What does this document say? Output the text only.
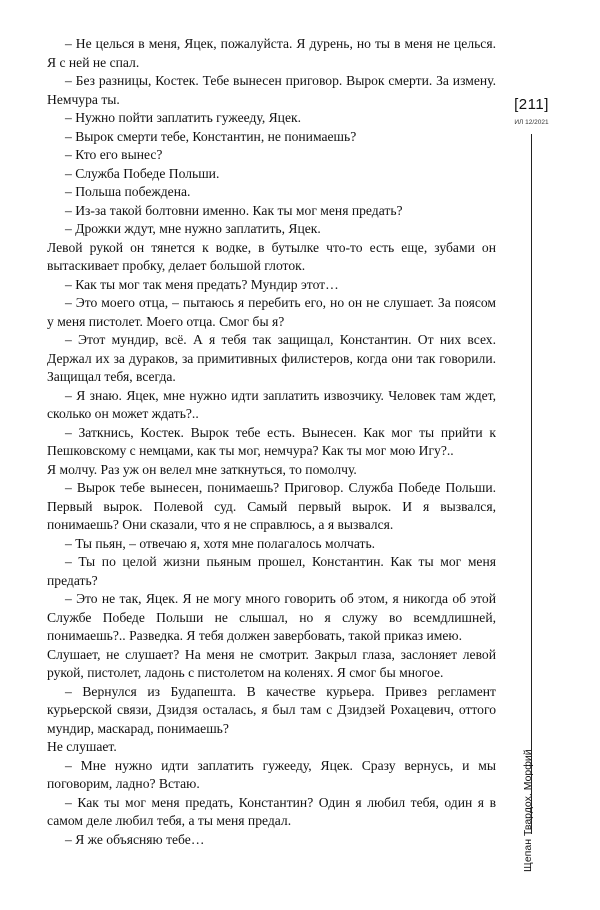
– Не целься в меня, Яцек, пожалуйста. Я дурень, но ты в меня не целься. Я с ней не спал.

– Без разницы, Костек. Тебе вынесен приговор. Вырок смерти. За измену. Немчура ты.

– Нужно пойти заплатить гужееду, Яцек.

– Вырок смерти тебе, Константин, не понимаешь?

– Кто его вынес?

– Служба Победе Польши.

– Польша побеждена.

– Из-за такой болтовни именно. Как ты мог меня предать?

– Дрожки ждут, мне нужно заплатить, Яцек.

Левой рукой он тянется к водке, в бутылке что-то есть еще, зубами он вытаскивает пробку, делает большой глоток.

– Как ты мог так меня предать? Мундир этот…

– Это моего отца, – пытаюсь я перебить его, но он не слушает. За поясом у меня пистолет. Моего отца. Смог бы я?

– Этот мундир, всё. А я тебя так защищал, Константин. От них всех. Держал их за дураков, за примитивных филистеров, когда они так говорили. Защищал тебя, всегда.

– Я знаю. Яцек, мне нужно идти заплатить извозчику. Человек там ждет, сколько он может ждать?..

– Заткнись, Костек. Вырок тебе есть. Вынесен. Как мог ты прийти к Пешковскому с немцами, как ты мог, немчура? Как ты мог мою Игу?..

Я молчу. Раз уж он велел мне заткнуться, то помолчу.

– Вырок тебе вынесен, понимаешь? Приговор. Служба Победе Польши. Первый вырок. Полевой суд. Самый первый вырок. И я вызвался, понимаешь? Они сказали, что я не справлюсь, а я вызвался.

– Ты пьян, – отвечаю я, хотя мне полагалось молчать.

– Ты по целой жизни пьяным прошел, Константин. Как ты мог меня предать?

– Это не так, Яцек. Я не могу много говорить об этом, я никогда об этой Службе Победе Польши не слышал, но я служу во всемдлишней, понимаешь?.. Разведка. Я тебя должен завербовать, такой приказ имею.

Слушает, не слушает? На меня не смотрит. Закрыл глаза, заслоняет левой рукой, пистолет, ладонь с пистолетом на коленях. Я смог бы многое.

– Вернулся из Будапешта. В качестве курьера. Привез регламент курьерской связи, Дзидзя осталась, я был там с Дзидзей Рохацевич, оттого мундир, маскарад, понимаешь?

Не слушает.

– Мне нужно идти заплатить гужееду, Яцек. Сразу вернусь, и мы поговорим, ладно? Встаю.

– Как ты мог меня предать, Константин? Один я любил тебя, один я в самом деле любил тебя, а ты меня предал.

– Я же объясняю тебе…

[211]
ИЛ 12/2021
Щепан Твардох. Морфий
